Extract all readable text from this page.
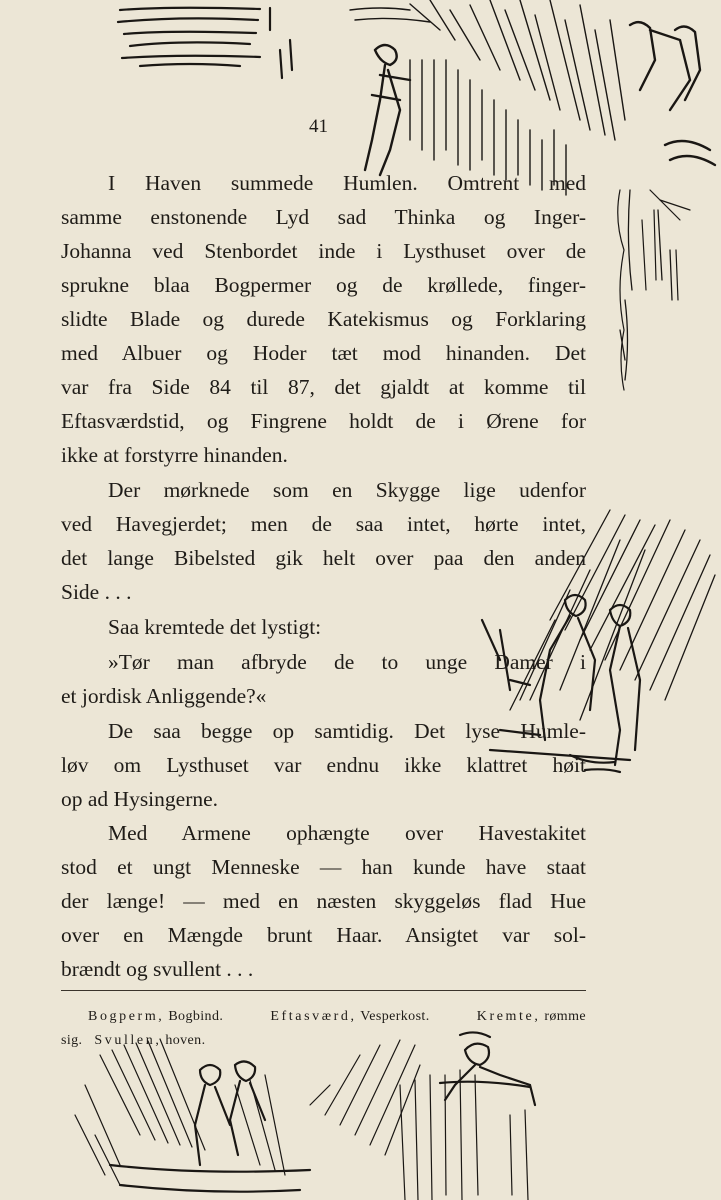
41
I Haven summede Humlen. Omtrent med
samme enstonende Lyd sad Thinka og Inger-
Johanna ved Stenbordet inde i Lysthuset over de
sprukne blaa Bogpermer og de krøllede, finger-
slidte Blade og durede Katekismus og Forklaring
med Albuer og Hoder tæt mod hinanden. Det
var fra Side 84 til 87, det gjaldt at komme til
Eftasværdstid, og Fingrene holdt de i Ørene for
ikke at forstyrre hinanden.
Der mørknede som en Skygge lige udenfor
ved Havegjerdet; men de saa intet, hørte intet,
det lange Bibelsted gik helt over paa den anden
Side . . .
Saa kremtede det lystigt:
»Tør man afbryde de to unge Damer i
et jordisk Anliggende?«
De saa begge op samtidig. Det lyse Humle-
løv om Lysthuset var endnu ikke klattret høit
op ad Hysingerne.
Med Armene ophængte over Havestakitet
stod et ungt Menneske — han kunde have staat
der længe! — med en næsten skyggeløs flad Hue
over en Mængde brunt Haar. Ansigtet var sol-
brændt og svullent . . .
Bogperm, Bogbind.	Eftasværd, Vesperkost.	Kremte, rømme
sig. Svullen, hoven.
